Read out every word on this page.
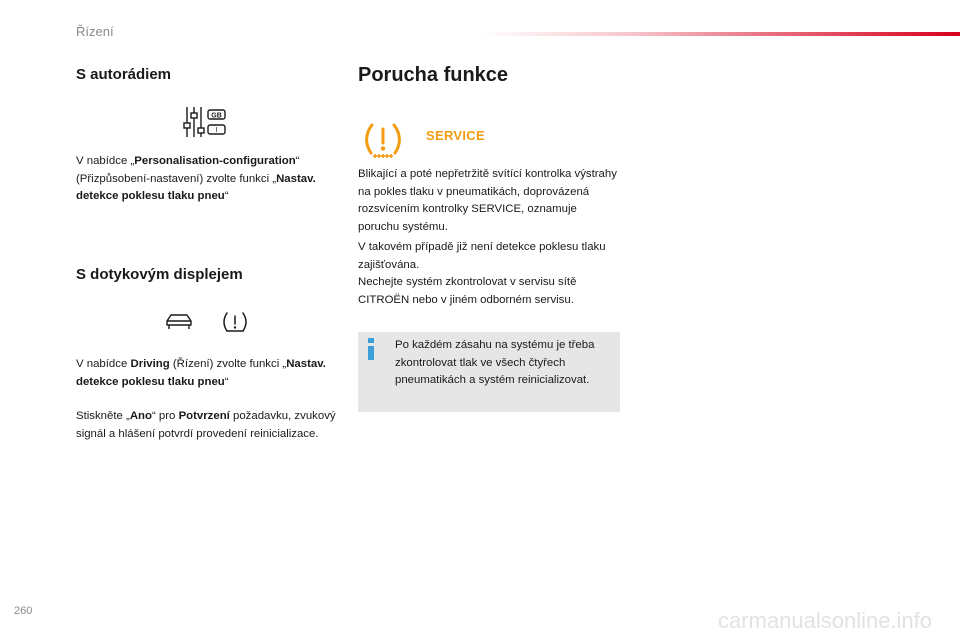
Řízení
S autorádiem
GB
I
V nabídce „Personalisation-configuration“ (Přizpůsobení-nastavení) zvolte funkci „Nastav. detekce poklesu tlaku pneu“
S dotykovým displejem
V nabídce Driving (Řízení) zvolte funkci „Nastav. detekce poklesu tlaku pneu“
Stiskněte „Ano“ pro Potvrzení požadavku, zvukový signál a hlášení potvrdí provedení reinicializace.
Porucha funkce
SERVICE
Blikající a poté nepřetržitě svítící kontrolka výstrahy na pokles tlaku v pneumatikách, doprovázená rozsvícením kontrolky SERVICE, oznamuje poruchu systému.
V takovém případě již není detekce poklesu tlaku zajišťována.
Nechejte systém zkontrolovat v servisu sítě CITROËN nebo v jiném odborném servisu.
Po každém zásahu na systému je třeba zkontrolovat tlak ve všech čtyřech pneumatikách a systém reinicializovat.
260	carmanualsonline.info
